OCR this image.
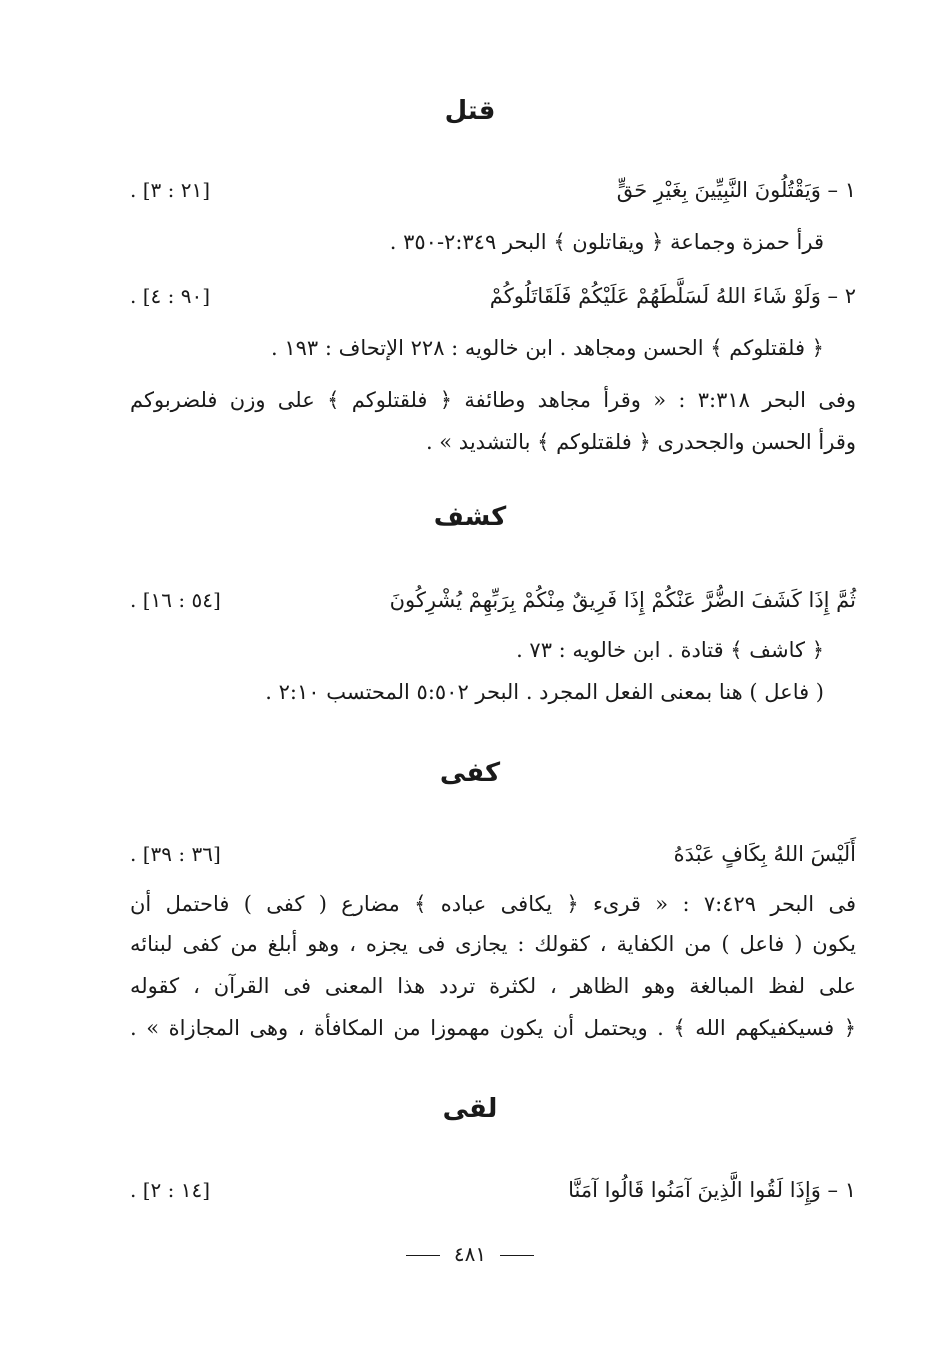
قتل
١ – وَيَقْتُلُونَ النَّبِيِّينَ بِغَيْرِ حَقٍّ
. [٢١ : ٣]
قرأ حمزة وجماعة ﴿ ويقاتلون ﴾ البحر ٢:٣٤٩-٣٥٠ .
٢ – وَلَوْ شَاءَ اللهُ لَسَلَّطَهُمْ عَلَيْكُمْ فَلَقَاتَلُوكُمْ
. [٩٠ : ٤]
﴿ فلقتلوكم ﴾ الحسن ومجاهد . ابن خالويه : ٢٢٨ الإتحاف : ١٩٣ .
وفى البحر ٣:٣١٨ : « وقرأ مجاهد وطائفة ﴿ فلقتلوكم ﴾ على وزن فلضربوكم
وقرأ الحسن والجحدرى ﴿ فلقتلوكم ﴾ بالتشديد » .
كشف
ثُمَّ إِذَا كَشَفَ الضُّرَّ عَنْكُمْ إِذَا فَرِيقٌ مِنْكُمْ بِرَبِّهِمْ يُشْرِكُونَ
. [٥٤ : ١٦]
﴿ كاشف ﴾ قتادة . ابن خالويه : ٧٣ .
( فاعل ) هنا بمعنى الفعل المجرد . البحر ٥:٥٠٢ المحتسب ٢:١٠ .
كفى
أَلَيْسَ اللهُ بِكَافٍ عَبْدَهُ
. [٣٦ : ٣٩]
فى البحر ٧:٤٢٩ : « قرىء ﴿ يكافى عباده ﴾ مضارع ( كفى ) فاحتمل أن
يكون ( فاعل ) من الكفاية ، كقولك : يجازى فى يجزه ، وهو أبلغ من كفى لبنائه
على لفظ المبالغة وهو الظاهر ، لكثرة تردد هذا المعنى فى القرآن ، كقوله
﴿ فسيكفيكهم الله ﴾ . ويحتمل أن يكون مهموزا من المكافأة ، وهى المجازاة » .
لقى
١ – وَإِذَا لَقُوا الَّذِينَ آمَنُوا قَالُوا آمَنَّا
. [١٤ : ٢]
٤٨١
